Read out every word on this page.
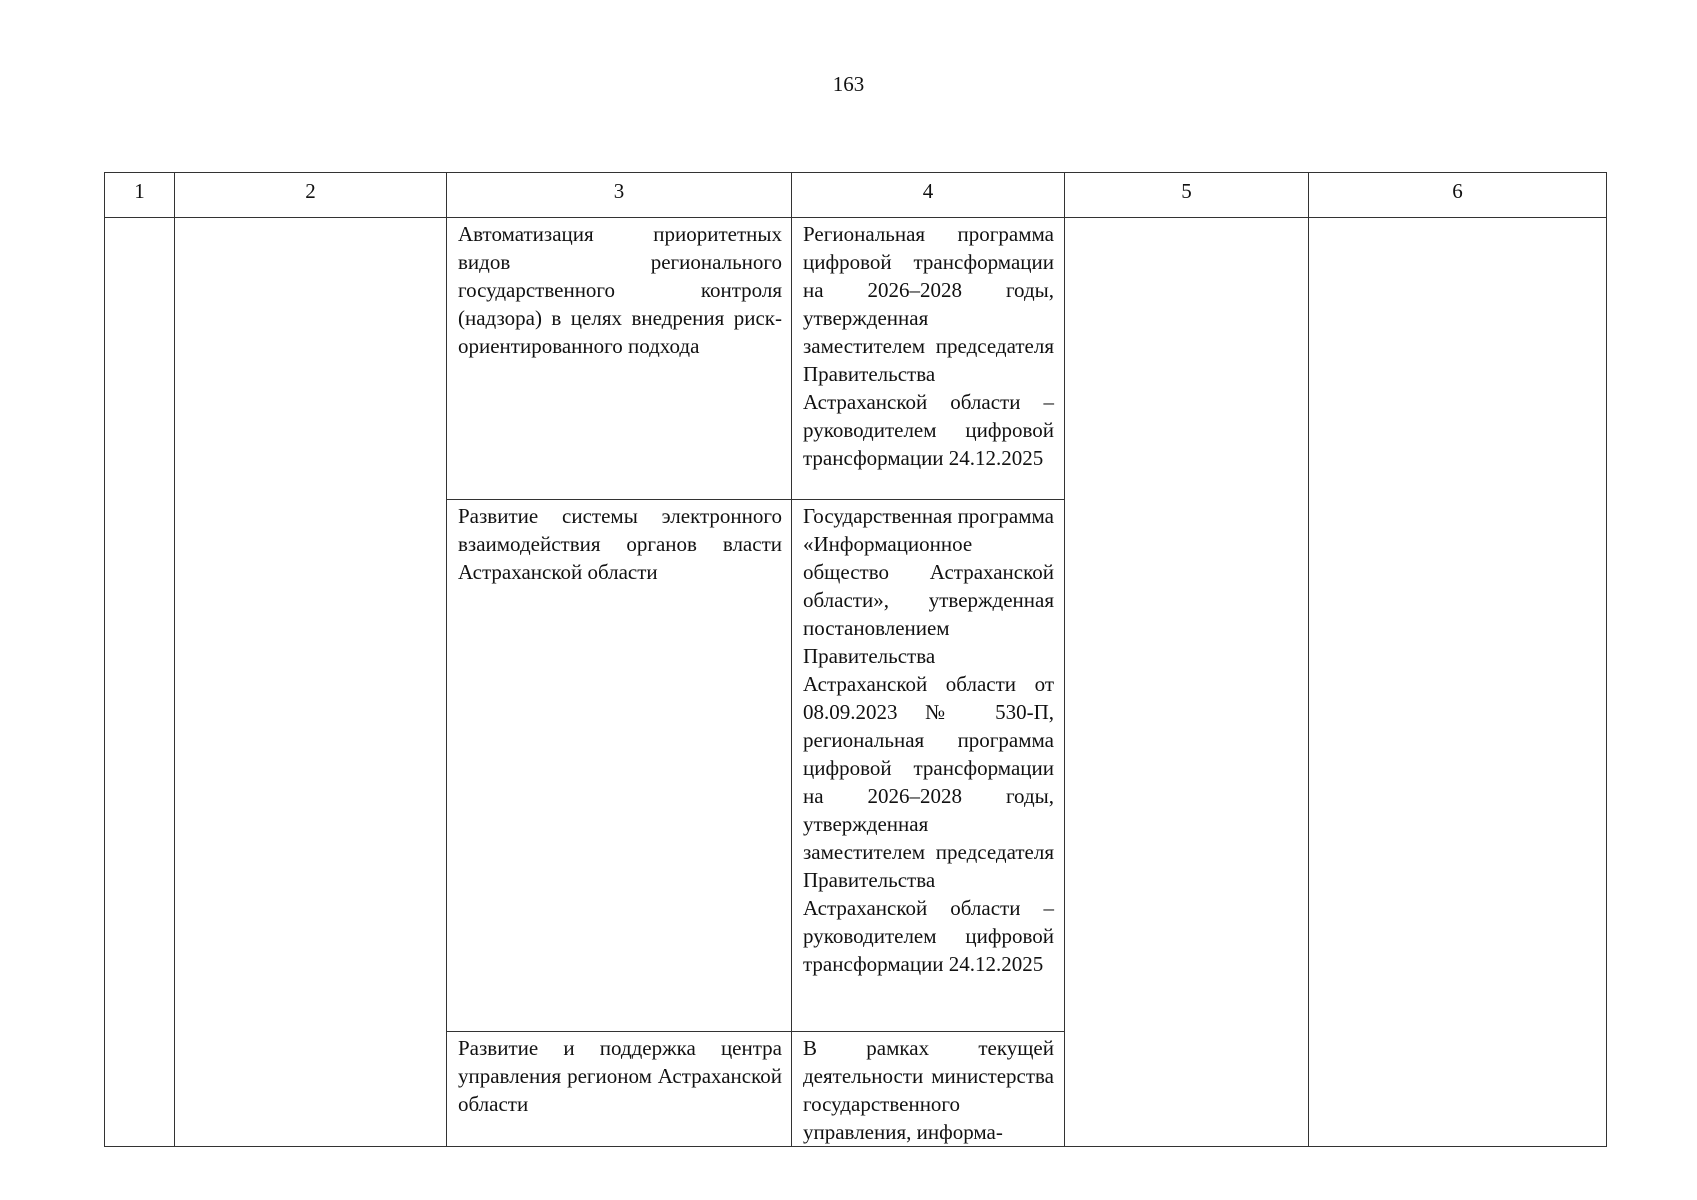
163
1	2	3	4	5	6

		Автоматизация приоритетных видов регионального государственного контроля (надзора) в целях внедрения риск-ориентированного подхода	Региональная программа цифровой трансформации на 2026–2028 годы, утвержденная заместителем председателя Правительства Астраханской области – руководителем цифровой трансформации 24.12.2025		

		Развитие системы электронного взаимодействия органов власти Астраханской области	Государственная программа «Информационное общество Астраханской области», утвержденная постановлением Правительства Астраханской области от 08.09.2023 № 530-П, региональная программа цифровой трансформации на 2026–2028 годы, утвержденная заместителем председателя Правительства Астраханской области – руководителем цифровой трансформации 24.12.2025		

		Развитие и поддержка центра управления регионом Астраханской области	В рамках текущей деятельности министерства государственного управления, информа-		
